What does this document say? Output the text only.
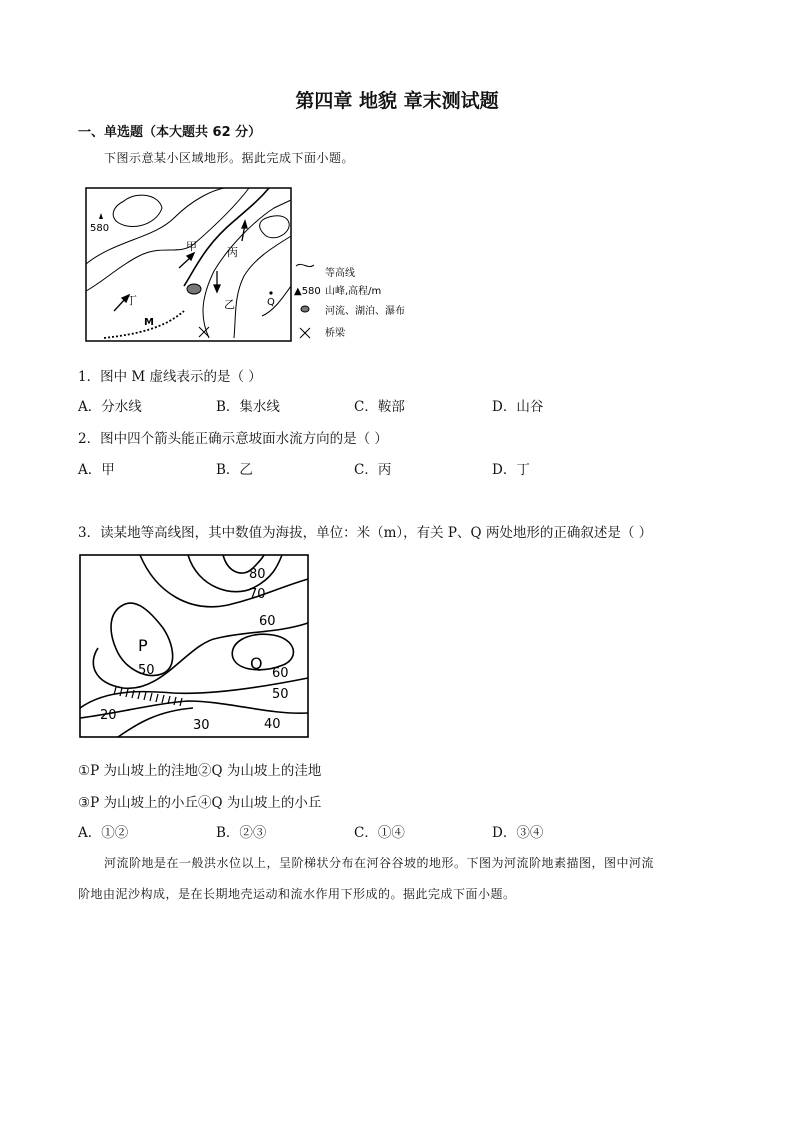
第四章 地貌 章末测试题
一、单选题（本大题共 62 分）
下图示意某小区域地形。据此完成下面小题。
580
甲	丙
乙
丁	Q
M
等高线
▲580 山峰,高程/m
河流、湖泊、瀑布
桥梁
1．图中 M 虚线表示的是（ ）
A．分水线	B．集水线	C．鞍部	D．山谷
2．图中四个箭头能正确示意坡面水流方向的是（ ）
A．甲	B．乙	C．丙	D．丁
3．读某地等高线图，其中数值为海拔，单位：米（m），有关 P、Q 两处地形的正确叙述是（ ）
P
Q
80
70
60
60
50
50
40
30
20
①P 为山坡上的洼地②Q 为山坡上的洼地
③P 为山坡上的小丘④Q 为山坡上的小丘
A．①②	B．②③	C．①④	D．③④
河流阶地是在一般洪水位以上，呈阶梯状分布在河谷谷坡的地形。下图为河流阶地素描图，图中河流
阶地由泥沙构成，是在长期地壳运动和流水作用下形成的。据此完成下面小题。
